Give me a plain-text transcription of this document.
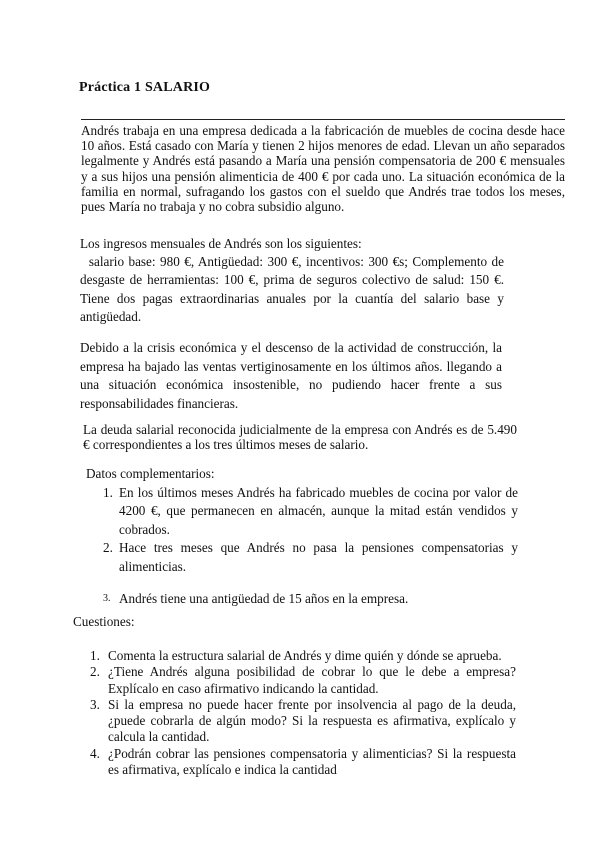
Práctica 1 SALARIO

Andrés trabaja en una empresa dedicada a la fabricación de muebles de cocina desde hace 10 años. Está casado con María y tienen 2 hijos menores de edad. Llevan un año separados legalmente y Andrés está pasando a María una pensión compensatoria de 200 € mensuales y a sus hijos una pensión alimenticia de 400 € por cada uno. La situación económica de la familia en normal, sufragando los gastos con el sueldo que Andrés trae todos los meses, pues María no trabaja y no cobra subsidio alguno.

Los ingresos mensuales de Andrés son los siguientes:
salario base: 980 €, Antigüedad: 300 €, incentivos: 300 €s; Complemento de desgaste de herramientas: 100 €, prima de seguros colectivo de salud: 150 €. Tiene dos pagas extraordinarias anuales por la cuantía del salario base y antigüedad.

Debido a la crisis económica y el descenso de la actividad de construcción, la empresa ha bajado las ventas vertiginosamente en los últimos años. llegando a una situación económica insostenible, no pudiendo hacer frente a sus responsabilidades financieras.

La deuda salarial reconocida judicialmente de la empresa con Andrés es de 5.490 € correspondientes a los tres últimos meses de salario.

Datos complementarios:
1. En los últimos meses Andrés ha fabricado muebles de cocina por valor de 4200 €, que permanecen en almacén, aunque la mitad están vendidos y cobrados.
2. Hace tres meses que Andrés no pasa la pensiones compensatorias y alimenticias.
3. Andrés tiene una antigüedad de 15 años en la empresa.
Cuestiones:
1. Comenta la estructura salarial de Andrés y dime quién y dónde se aprueba.
2. ¿Tiene Andrés alguna posibilidad de cobrar lo que le debe a empresa? Explícalo en caso afirmativo indicando la cantidad.
3. Si la empresa no puede hacer frente por insolvencia al pago de la deuda, ¿puede cobrarla de algún modo? Si la respuesta es afirmativa, explícalo y calcula la cantidad.
4. ¿Podrán cobrar las pensiones compensatoria y alimenticias? Si la respuesta es afirmativa, explícalo e indica la cantidad
